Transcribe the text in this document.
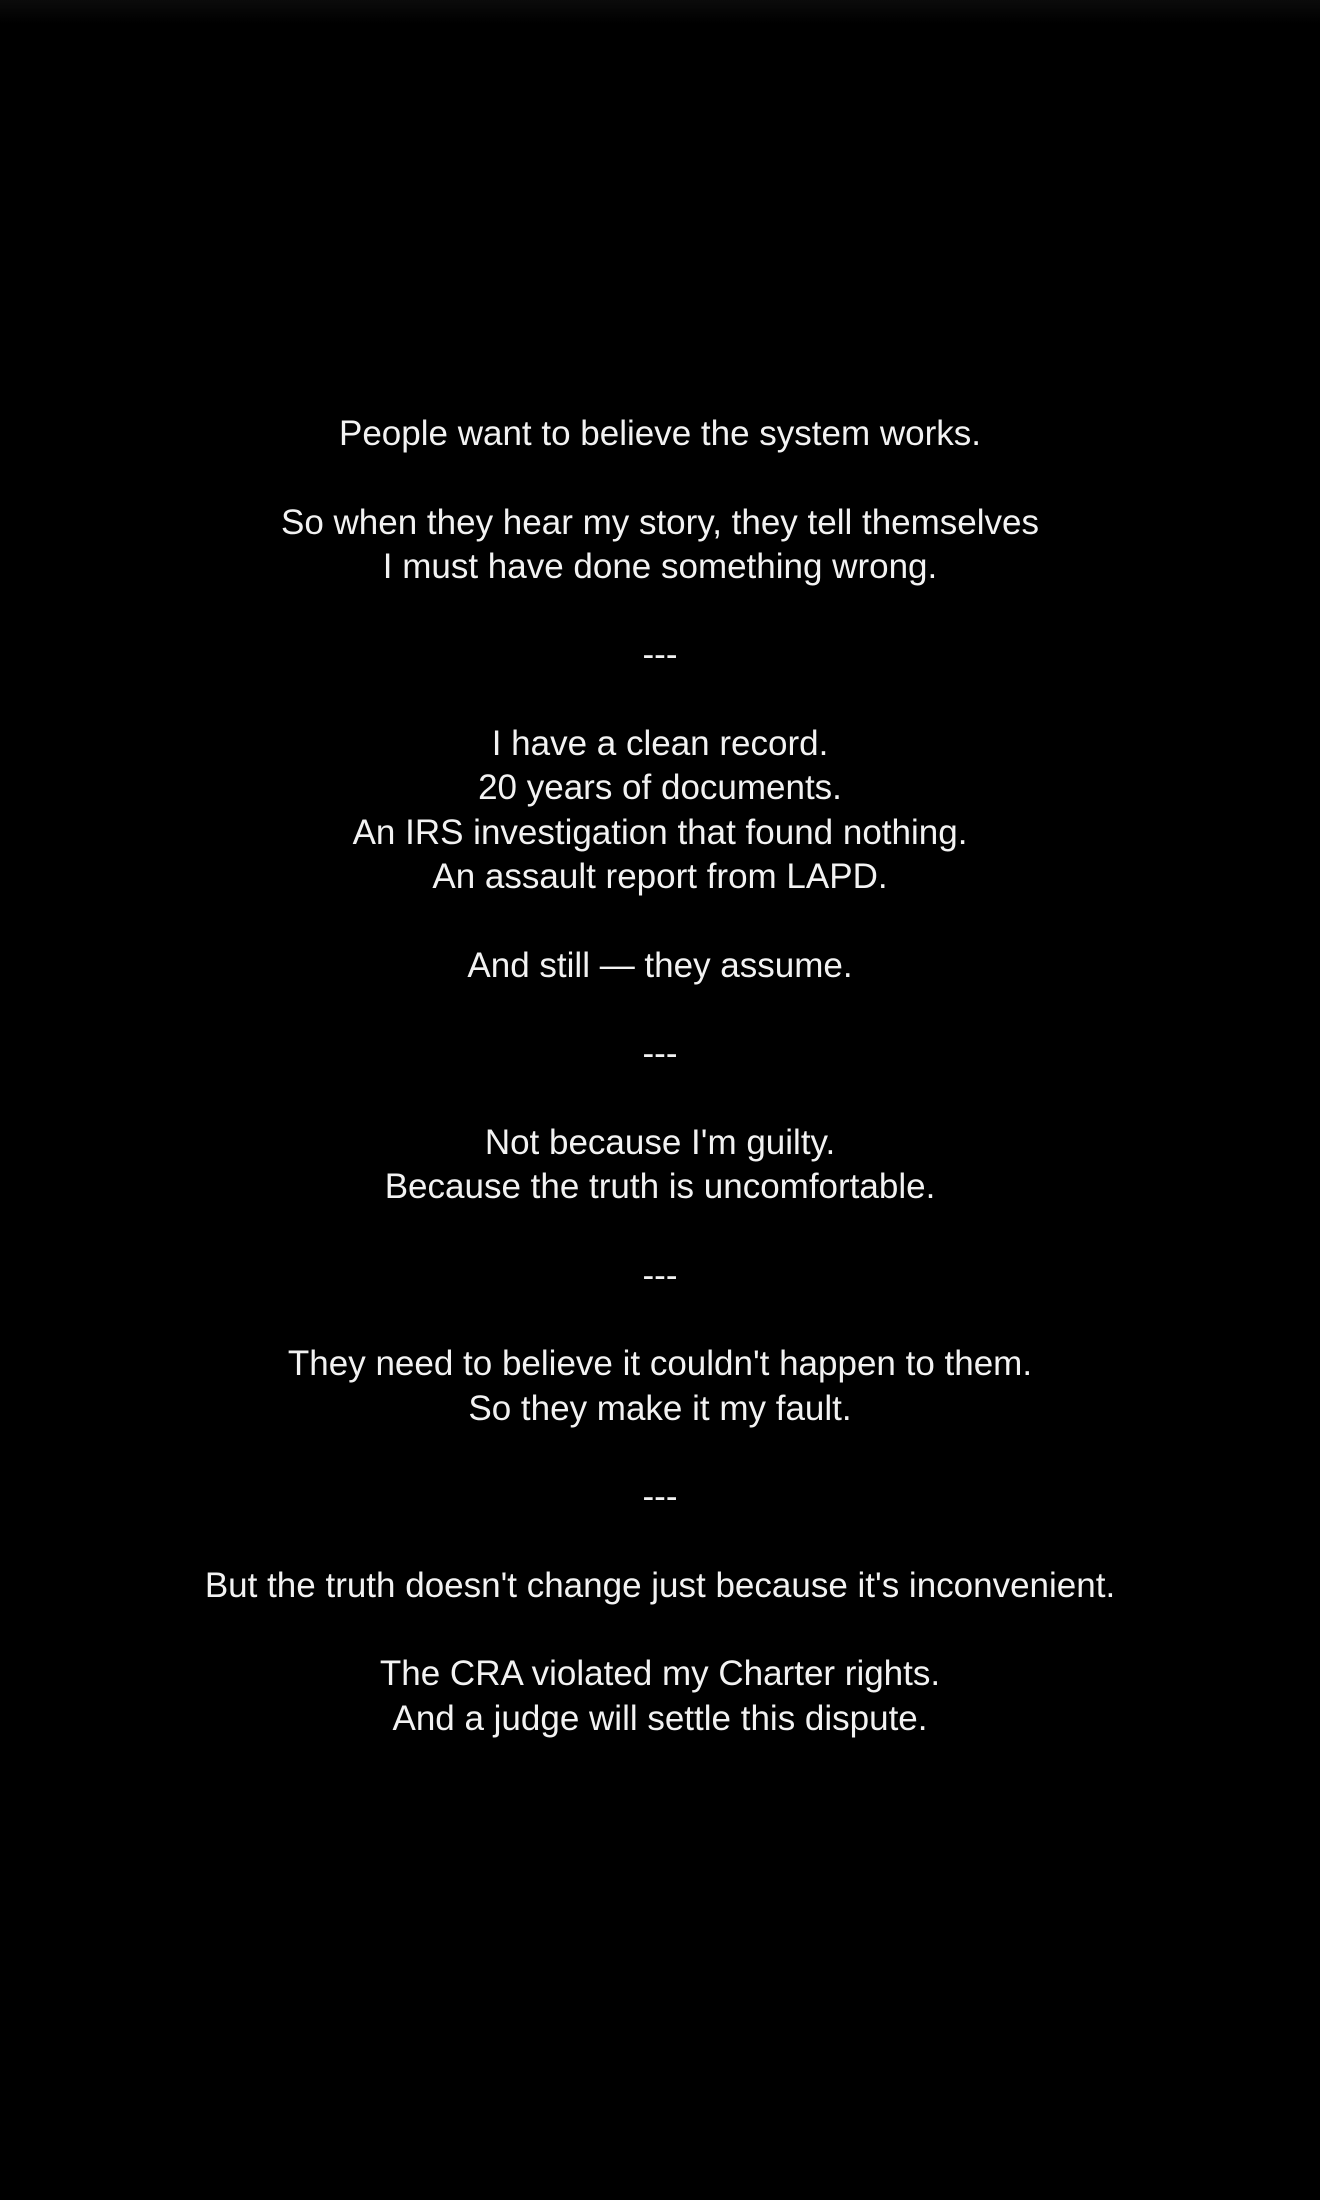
People want to believe the system works.
So when they hear my story, they tell themselves
I must have done something wrong.
---
I have a clean record.
20 years of documents.
An IRS investigation that found nothing.
An assault report from LAPD.
And still — they assume.
---
Not because I'm guilty.
Because the truth is uncomfortable.
---
They need to believe it couldn't happen to them.
So they make it my fault.
---
But the truth doesn't change just because it's inconvenient.
The CRA violated my Charter rights.
And a judge will settle this dispute.
